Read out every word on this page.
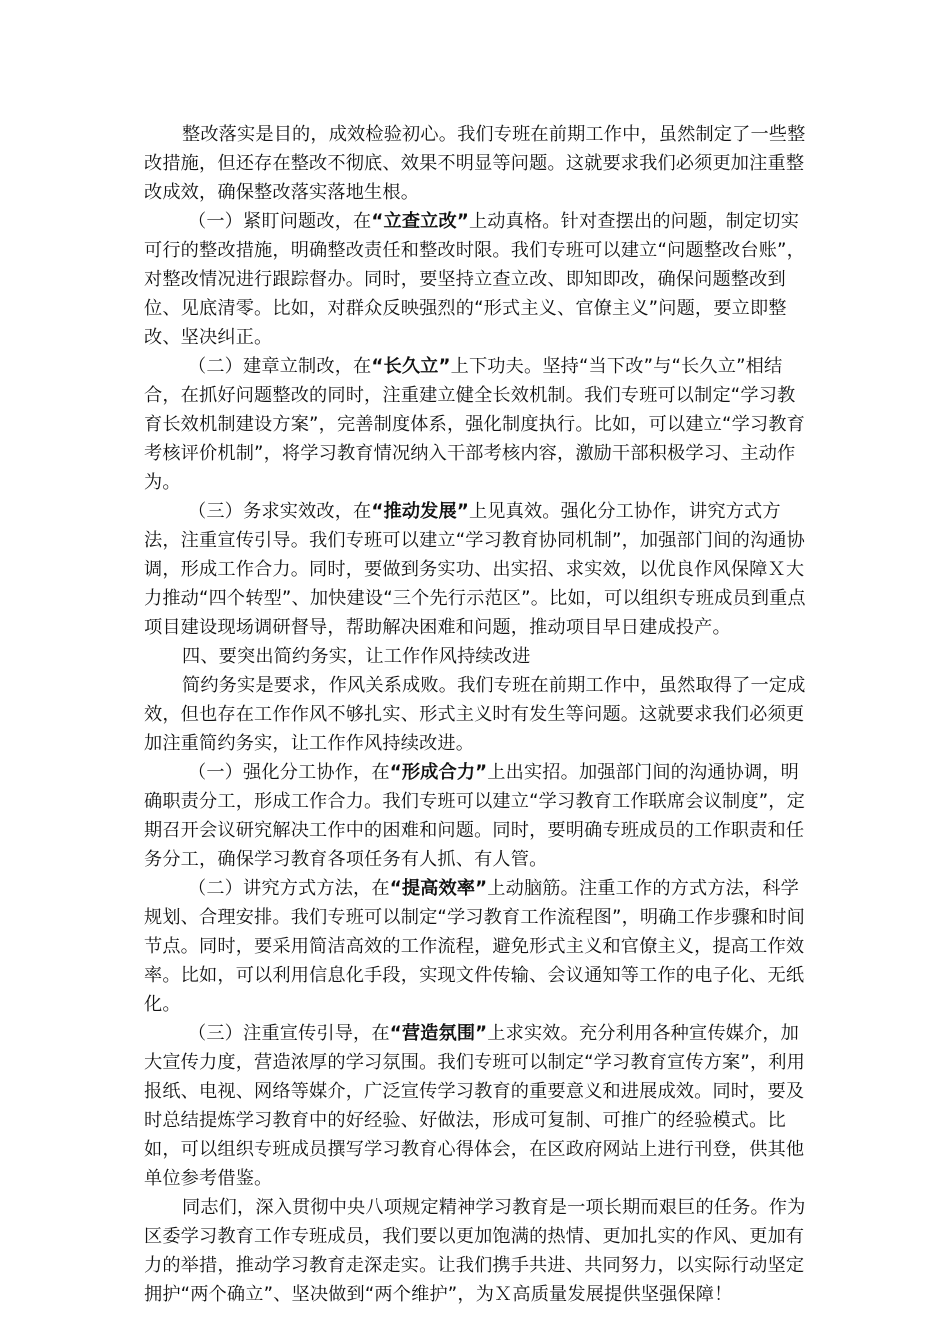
整改落实是目的，成效检验初心。我们专班在前期工作中，虽然制定了一些整改措施，但还存在整改不彻底、效果不明显等问题。这就要求我们必须更加注重整改成效，确保整改落实落地生根。

（一）紧盯问题改，在“立查立改”上动真格。针对查摆出的问题，制定切实可行的整改措施，明确整改责任和整改时限。我们专班可以建立“问题整改台账”，对整改情况进行跟踪督办。同时，要坚持立查立改、即知即改，确保问题整改到位、见底清零。比如，对群众反映强烈的“形式主义、官僚主义”问题，要立即整改、坚决纠正。

（二）建章立制改，在“长久立”上下功夫。坚持“当下改”与“长久立”相结合，在抓好问题整改的同时，注重建立健全长效机制。我们专班可以制定“学习教育长效机制建设方案”，完善制度体系，强化制度执行。比如，可以建立“学习教育考核评价机制”，将学习教育情况纳入干部考核内容，激励干部积极学习、主动作为。

（三）务求实效改，在“推动发展”上见真效。强化分工协作，讲究方式方法，注重宣传引导。我们专班可以建立“学习教育协同机制”，加强部门间的沟通协调，形成工作合力。同时，要做到务实功、出实招、求实效，以优良作风保障Ｘ大力推动“四个转型”、加快建设“三个先行示范区”。比如，可以组织专班成员到重点项目建设现场调研督导，帮助解决困难和问题，推动项目早日建成投产。

四、要突出简约务实，让工作作风持续改进

简约务实是要求，作风关系成败。我们专班在前期工作中，虽然取得了一定成效，但也存在工作作风不够扎实、形式主义时有发生等问题。这就要求我们必须更加注重简约务实，让工作作风持续改进。

（一）强化分工协作，在“形成合力”上出实招。加强部门间的沟通协调，明确职责分工，形成工作合力。我们专班可以建立“学习教育工作联席会议制度”，定期召开会议研究解决工作中的困难和问题。同时，要明确专班成员的工作职责和任务分工，确保学习教育各项任务有人抓、有人管。

（二）讲究方式方法，在“提高效率”上动脑筋。注重工作的方式方法，科学规划、合理安排。我们专班可以制定“学习教育工作流程图”，明确工作步骤和时间节点。同时，要采用简洁高效的工作流程，避免形式主义和官僚主义，提高工作效率。比如，可以利用信息化手段，实现文件传输、会议通知等工作的电子化、无纸化。

（三）注重宣传引导，在“营造氛围”上求实效。充分利用各种宣传媒介，加大宣传力度，营造浓厚的学习氛围。我们专班可以制定“学习教育宣传方案”，利用报纸、电视、网络等媒介，广泛宣传学习教育的重要意义和进展成效。同时，要及时总结提炼学习教育中的好经验、好做法，形成可复制、可推广的经验模式。比如，可以组织专班成员撰写学习教育心得体会，在区政府网站上进行刊登，供其他单位参考借鉴。

同志们，深入贯彻中央八项规定精神学习教育是一项长期而艰巨的任务。作为区委学习教育工作专班成员，我们要以更加饱满的热情、更加扎实的作风、更加有力的举措，推动学习教育走深走实。让我们携手共进、共同努力，以实际行动坚定拥护“两个确立”、坚决做到“两个维护”，为Ｘ高质量发展提供坚强保障！
